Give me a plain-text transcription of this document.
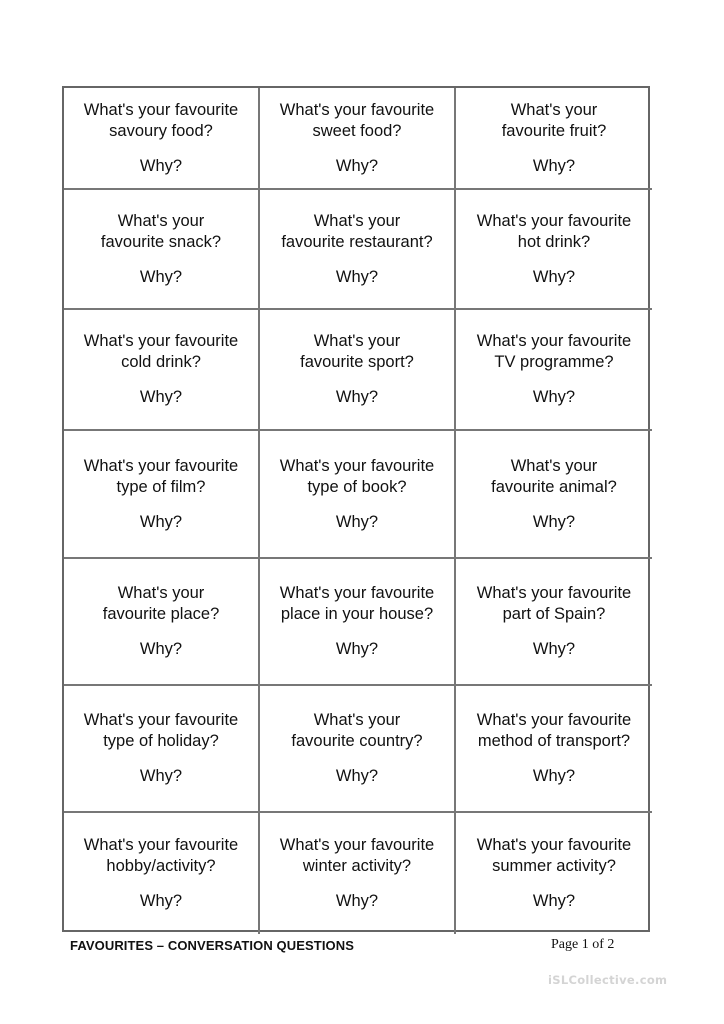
What's your favourite
savoury food?
Why?
What's your favourite
sweet food?
Why?
What's your
favourite fruit?
Why?
What's your
favourite snack?
Why?
What's your
favourite restaurant?
Why?
What's your favourite
hot drink?
Why?
What's your favourite
cold drink?
Why?
What's your
favourite sport?
Why?
What's your favourite
TV programme?
Why?
What's your favourite
type of film?
Why?
What's your favourite
type of book?
Why?
What's your
favourite animal?
Why?
What's your
favourite place?
Why?
What's your favourite
place in your house?
Why?
What's your favourite
part of Spain?
Why?
What's your favourite
type of holiday?
Why?
What's your
favourite country?
Why?
What's your favourite
method of transport?
Why?
What's your favourite
hobby/activity?
Why?
What's your favourite
winter activity?
Why?
What's your favourite
summer activity?
Why?
FAVOURITES – CONVERSATION QUESTIONS	Page 1 of 2
iSLCollective.com
